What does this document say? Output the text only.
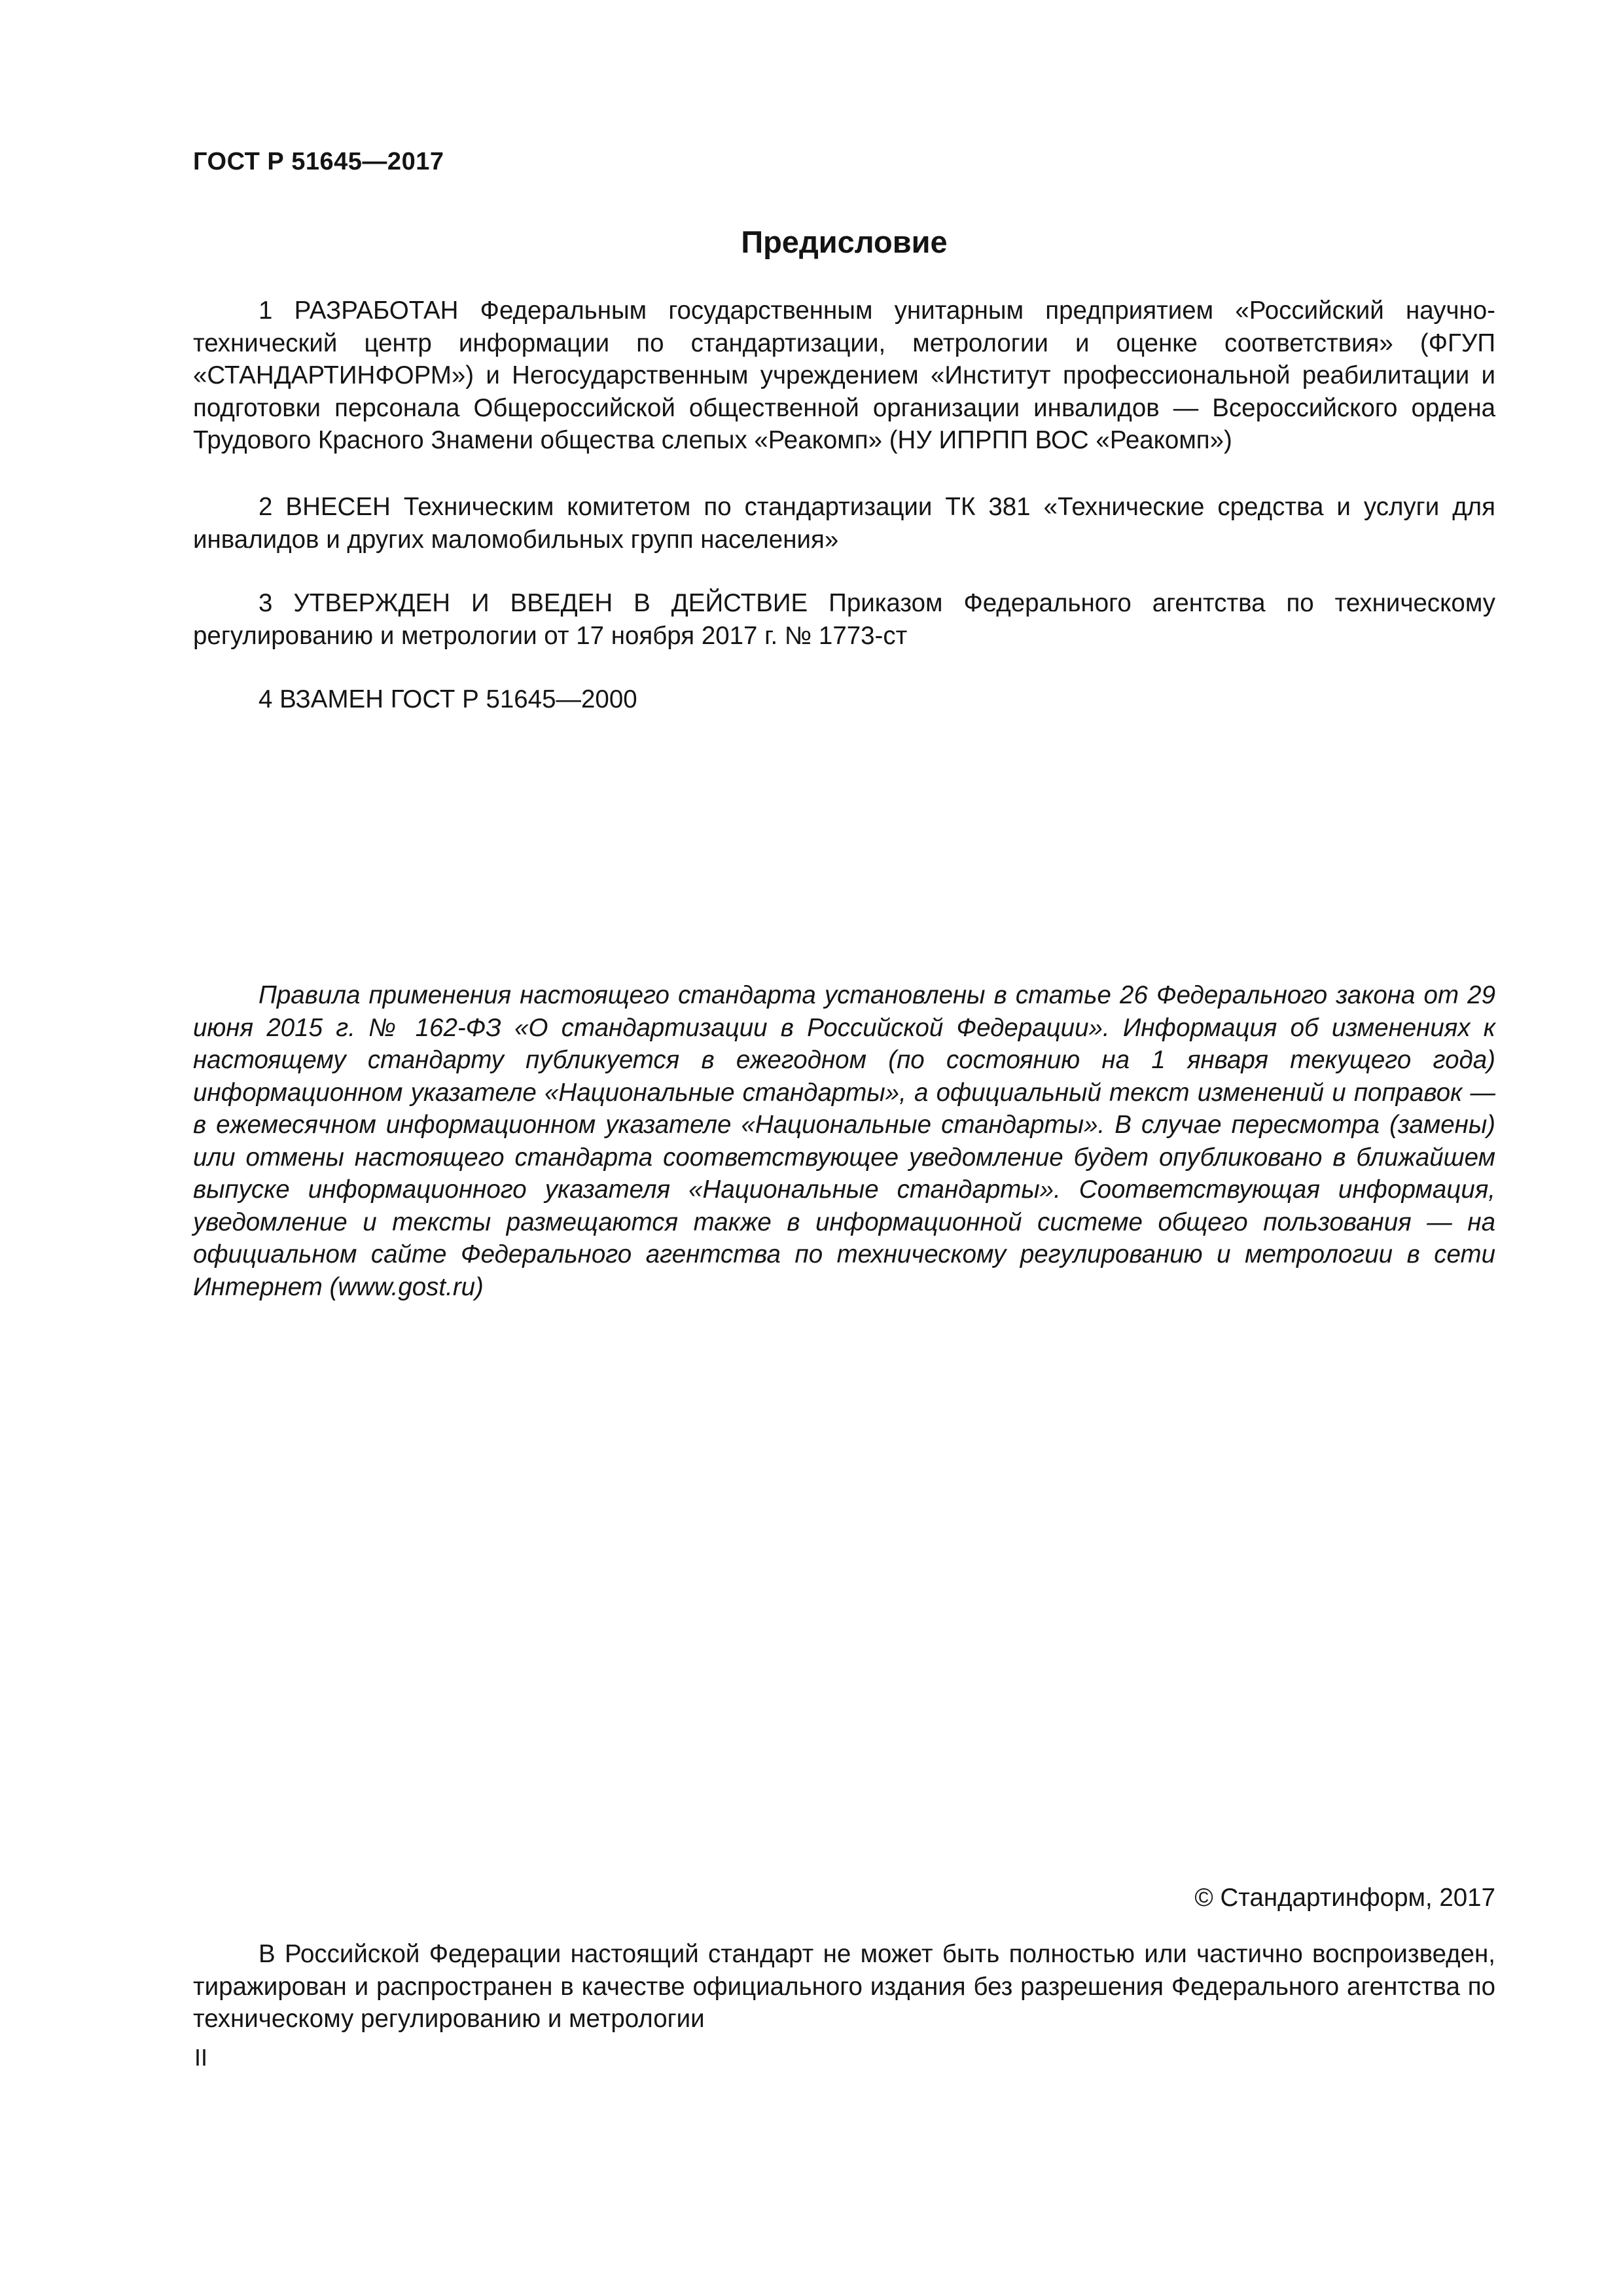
ГОСТ Р 51645—2017
Предисловие

1 РАЗРАБОТАН Федеральным государственным унитарным предприятием «Российский научно-технический центр информации по стандартизации, метрологии и оценке соответствия» (ФГУП «СТАНДАРТИНФОРМ») и Негосударственным учреждением «Институт профессиональной реабилитации и подготовки персонала Общероссийской общественной организации инвалидов — Всероссийского ордена Трудового Красного Знамени общества слепых «Реакомп» (НУ ИПРПП ВОС «Реакомп»)

2 ВНЕСЕН Техническим комитетом по стандартизации ТК 381 «Технические средства и услуги для инвалидов и других маломобильных групп населения»

3 УТВЕРЖДЕН И ВВЕДЕН В ДЕЙСТВИЕ Приказом Федерального агентства по техническому регулированию и метрологии от 17 ноября 2017 г. № 1773-ст

4 ВЗАМЕН ГОСТ Р 51645—2000

Правила применения настоящего стандарта установлены в статье 26 Федерального закона от 29 июня 2015 г. № 162-ФЗ «О стандартизации в Российской Федерации». Информация об изменениях к настоящему стандарту публикуется в ежегодном (по состоянию на 1 января текущего года) информационном указателе «Национальные стандарты», а официальный текст изменений и поправок — в ежемесячном информационном указателе «Национальные стандарты». В случае пересмотра (замены) или отмены настоящего стандарта соответствующее уведомление будет опубликовано в ближайшем выпуске информационного указателя «Национальные стандарты». Соответствующая информация, уведомление и тексты размещаются также в информационной системе общего пользования — на официальном сайте Федерального агентства по техническому регулированию и метрологии в сети Интернет (www.gost.ru)

© Стандартинформ, 2017

В Российской Федерации настоящий стандарт не может быть полностью или частично воспроизведен, тиражирован и распространен в качестве официального издания без разрешения Федерального агентства по техническому регулированию и метрологии

II
